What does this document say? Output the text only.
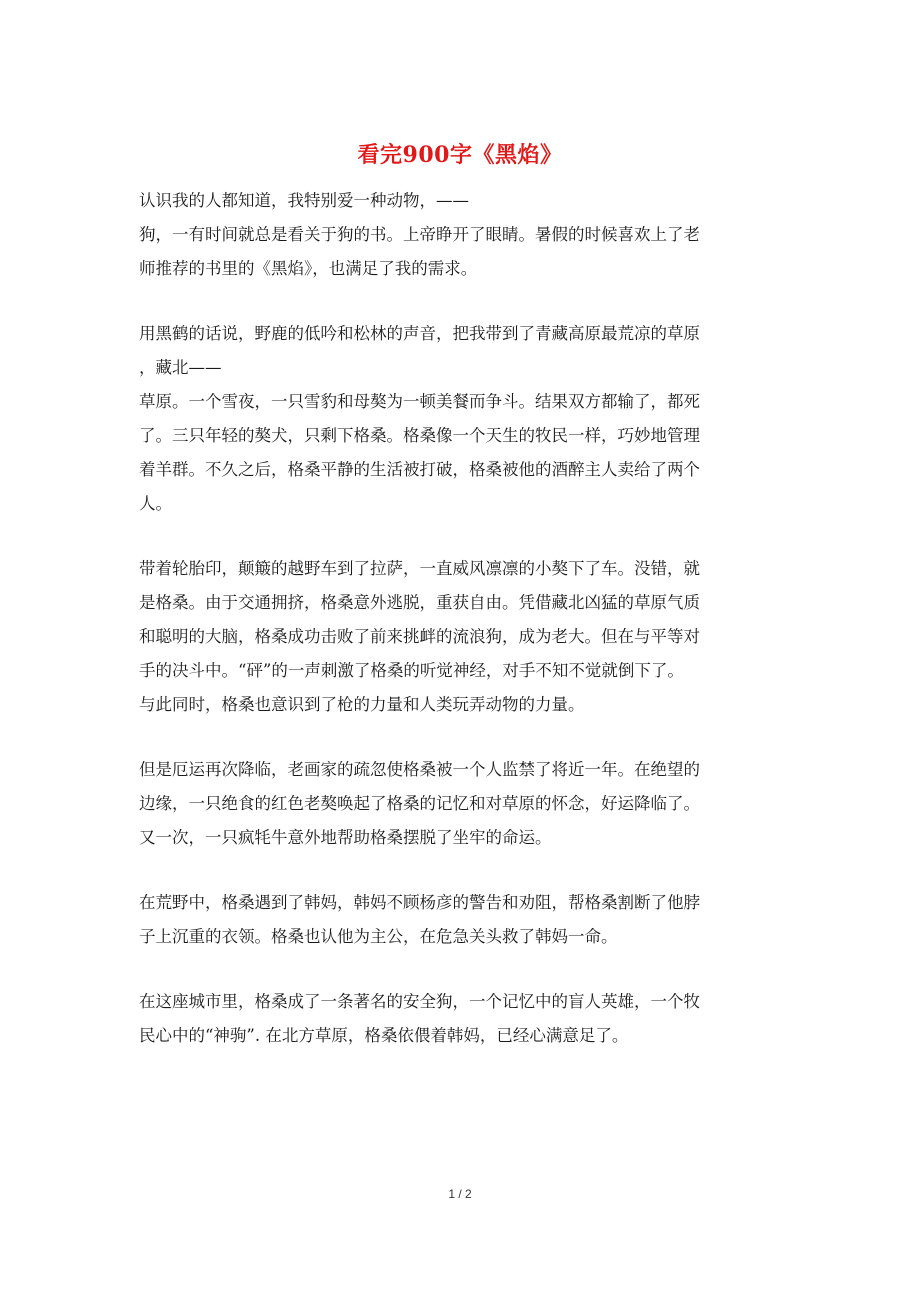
看完900字《黑焰》
认识我的人都知道，我特别爱一种动物，——
狗，一有时间就总是看关于狗的书。上帝睁开了眼睛。暑假的时候喜欢上了老
师推荐的书里的《黑焰》，也满足了我的需求。
用黑鹤的话说，野鹿的低吟和松林的声音，把我带到了青藏高原最荒凉的草原
，藏北——
草原。一个雪夜，一只雪豹和母獒为一顿美餐而争斗。结果双方都输了，都死
了。三只年轻的獒犬，只剩下格桑。格桑像一个天生的牧民一样，巧妙地管理
着羊群。不久之后，格桑平静的生活被打破，格桑被他的酒醉主人卖给了两个
人。
带着轮胎印，颠簸的越野车到了拉萨，一直威风凛凛的小獒下了车。没错，就
是格桑。由于交通拥挤，格桑意外逃脱，重获自由。凭借藏北凶猛的草原气质
和聪明的大脑，格桑成功击败了前来挑衅的流浪狗，成为老大。但在与平等对
手的决斗中。“砰”的一声刺激了格桑的听觉神经，对手不知不觉就倒下了。
与此同时，格桑也意识到了枪的力量和人类玩弄动物的力量。
但是厄运再次降临，老画家的疏忽使格桑被一个人监禁了将近一年。在绝望的
边缘，一只绝食的红色老獒唤起了格桑的记忆和对草原的怀念，好运降临了。
又一次，一只疯牦牛意外地帮助格桑摆脱了坐牢的命运。
在荒野中，格桑遇到了韩妈，韩妈不顾杨彦的警告和劝阻，帮格桑割断了他脖
子上沉重的衣领。格桑也认他为主公，在危急关头救了韩妈一命。
在这座城市里，格桑成了一条著名的安全狗，一个记忆中的盲人英雄，一个牧
民心中的“神驹”. 在北方草原，格桑依偎着韩妈，已经心满意足了。
1 / 2
